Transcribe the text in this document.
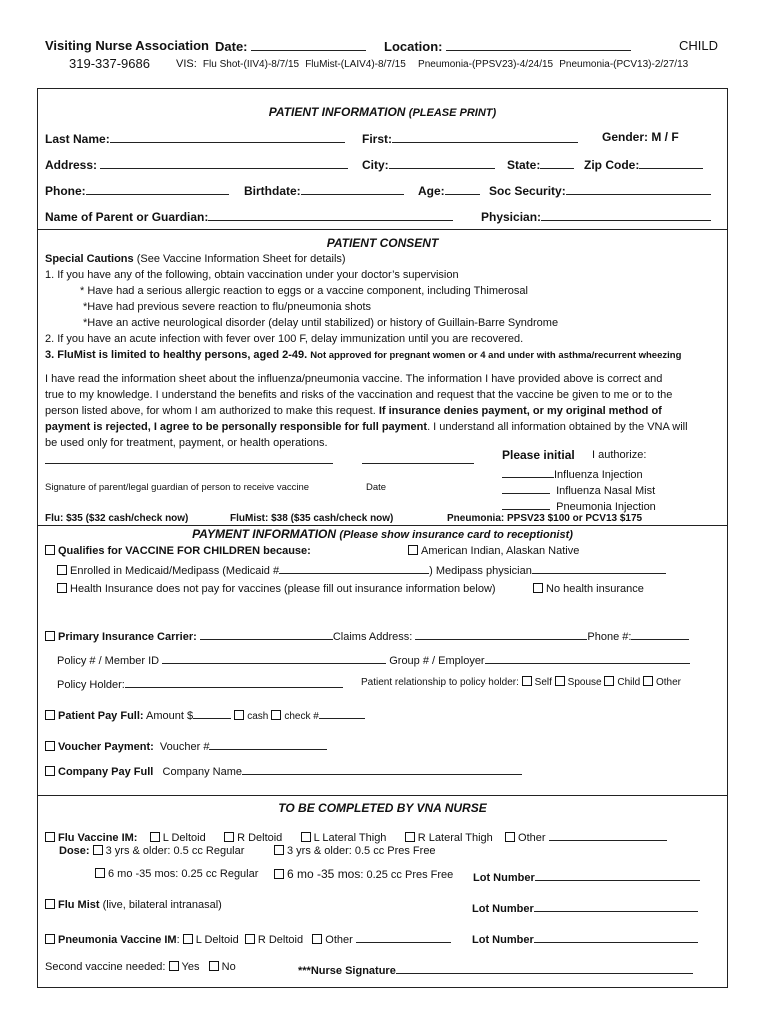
Visiting Nurse Association
319-337-9686
Date:	Location:	CHILD
VIS: Flu Shot-(IIV4)-8/7/15 FluMist-(LAIV4)-8/7/15 Pneumonia-(PPSV23)-4/24/15 Pneumonia-(PCV13)-2/27/13
PATIENT INFORMATION (PLEASE PRINT)
Last Name:	First:	Gender: M / F
Address:	City:	State:	Zip Code:
Phone:	Birthdate:	Age:	Soc Security:
Name of Parent or Guardian:	Physician:
PATIENT CONSENT
Special Cautions (See Vaccine Information Sheet for details)
1. If you have any of the following, obtain vaccination under your doctor’s supervision
* Have had a serious allergic reaction to eggs or a vaccine component, including Thimerosal
*Have had previous severe reaction to flu/pneumonia shots
*Have an active neurological disorder (delay until stabilized) or history of Guillain-Barre Syndrome
2. If you have an acute infection with fever over 100 F, delay immunization until you are recovered.
3. FluMist is limited to healthy persons, aged 2-49. Not approved for pregnant women or 4 and under with asthma/recurrent wheezing
I have read the information sheet about the influenza/pneumonia vaccine. The information I have provided above is correct and
true to my knowledge. I understand the benefits and risks of the vaccination and request that the vaccine be given to me or to the
person listed above, for whom I am authorized to make this request. If insurance denies payment, or my original method of
payment is rejected, I agree to be personally responsible for full payment. I understand all information obtained by the VNA will
be used only for treatment, payment, or health operations.
Please initial I authorize:
Influenza Injection
Influenza Nasal Mist
Pneumonia Injection
Signature of parent/legal guardian of person to receive vaccine	Date
Flu: $35 ($32 cash/check now)	FluMist: $38 ($35 cash/check now)	Pneumonia: PPSV23 $100 or PCV13 $175
PAYMENT INFORMATION (Please show insurance card to receptionist)
Qualifies for VACCINE FOR CHILDREN because:	American Indian, Alaskan Native
Enrolled in Medicaid/Medipass (Medicaid #	) Medipass physician
Health Insurance does not pay for vaccines (please fill out insurance information below)	No health insurance
Primary Insurance Carrier:	Claims Address:	Phone #:
Policy # / Member ID	Group # / Employer
Policy Holder:	Patient relationship to policy holder: Self Spouse Child Other
Patient Pay Full: Amount $	cash check #
Voucher Payment: Voucher #
Company Pay Full Company Name
TO BE COMPLETED BY VNA NURSE
Flu Vaccine IM: L Deltoid	R Deltoid	L Lateral Thigh	R Lateral Thigh Other
Dose: 3 yrs & older: 0.5 cc Regular	3 yrs & older: 0.5 cc Pres Free
6 mo -35 mos: 0.25 cc Regular	6 mo -35 mos: 0.25 cc Pres Free Lot Number
Flu Mist (live, bilateral intranasal)	Lot Number
Pneumonia Vaccine IM: L Deltoid R Deltoid Other	Lot Number
Second vaccine needed: Yes No	***Nurse Signature
